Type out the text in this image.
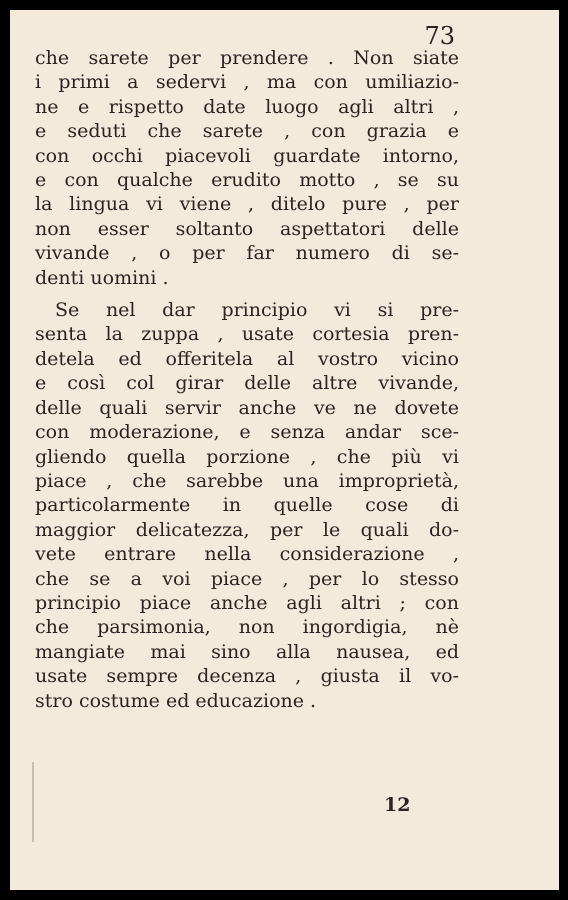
73
che sarete per prendere . Non siate
i primi a sedervi , ma con umiliazio-
ne e rispetto date luogo agli altri ,
e seduti che sarete , con grazia e
con occhi piacevoli guardate intorno,
e con qualche erudito motto , se su
la lingua vi viene , ditelo pure , per
non esser soltanto aspettatori delle
vivande , o per far numero di se-
denti uomini .
Se nel dar principio vi si pre-
senta la zuppa , usate cortesia pren-
detela ed offeritela al vostro vicino
e così col girar delle altre vivande,
delle quali servir anche ve ne dovete
con moderazione, e senza andar sce-
gliendo quella porzione , che più vi
piace , che sarebbe una improprietà,
particolarmente in quelle cose di
maggior delicatezza, per le quali do-
vete entrare nella considerazione ,
che se a voi piace , per lo stesso
principio piace anche agli altri ; con
che parsimonia, non ingordigia, nè
mangiate mai sino alla nausea, ed
usate sempre decenza , giusta il vo-
stro costume ed educazione .
12
